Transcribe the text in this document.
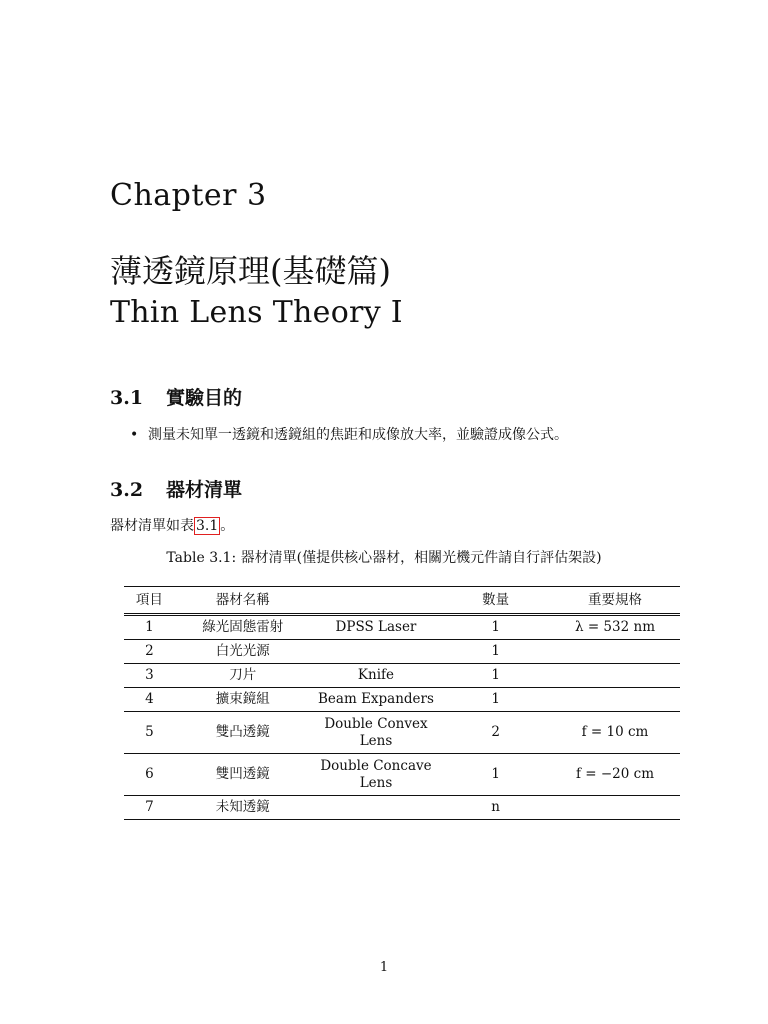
Chapter 3
薄透鏡原理(基礎篇)
Thin Lens Theory I
3.1 實驗目的
• 測量未知單一透鏡和透鏡組的焦距和成像放大率，並驗證成像公式。
3.2 器材清單
器材清單如表 3.1 。
Table 3.1: 器材清單(僅提供核心器材，相關光機元件請自行評估架設)
項目	器材名稱		數量	重要規格
1	綠光固態雷射	DPSS Laser	1	λ = 532 nm
2	白光光源		1	
3	刀片	Knife	1	
4	擴束鏡組	Beam Expanders	1	
5	雙凸透鏡	Double Convex
Lens	2	f = 10 cm
6	雙凹透鏡	Double Concave
Lens	1	f = −20 cm
7	未知透鏡		n	
1
